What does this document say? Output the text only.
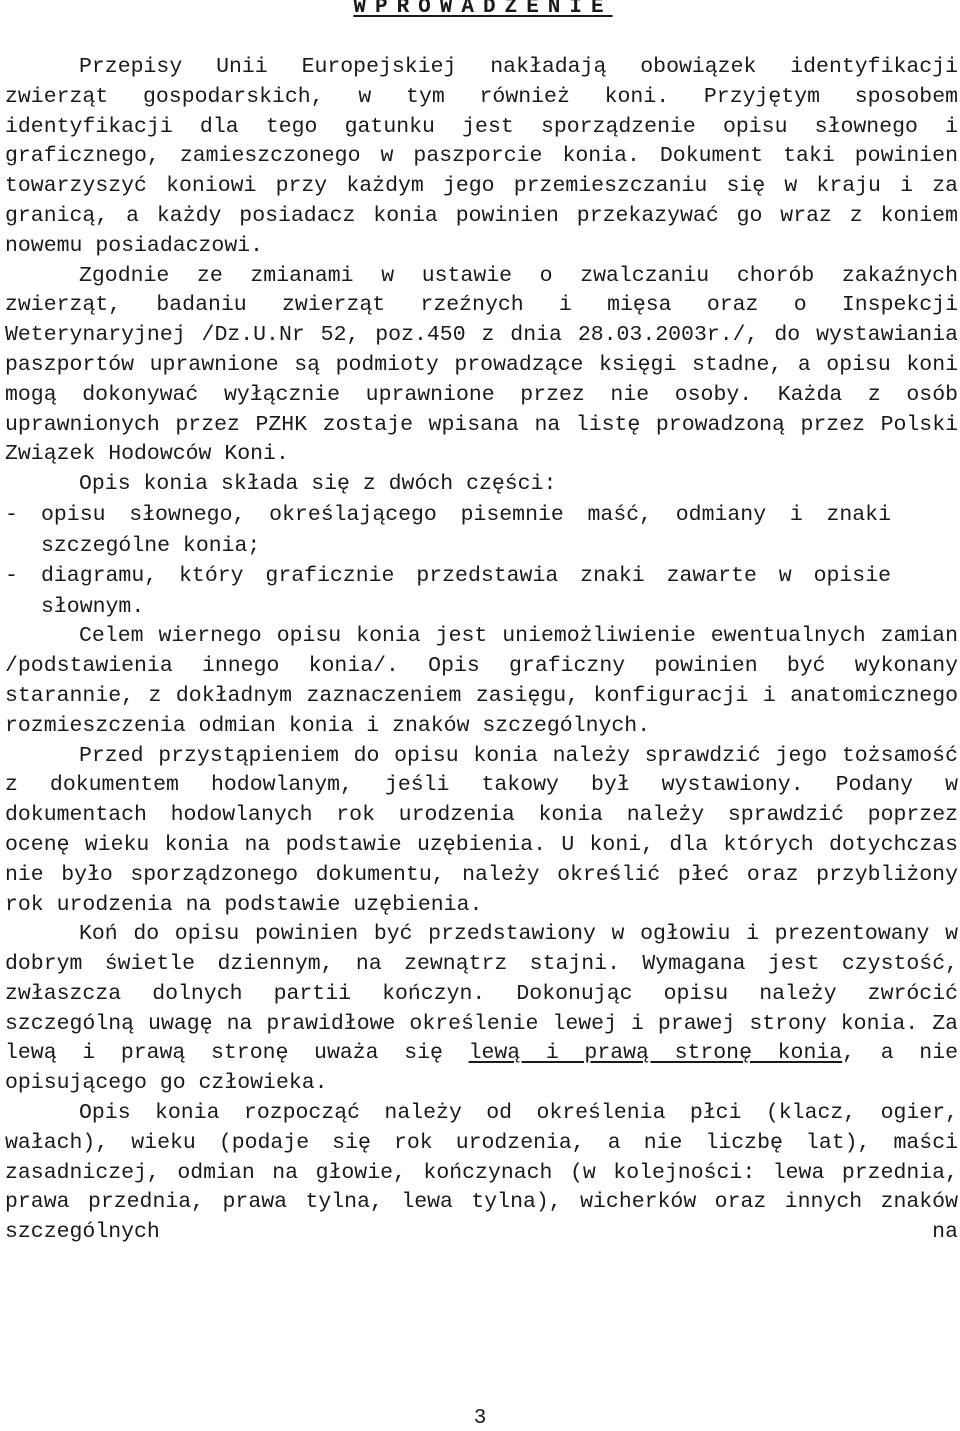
WPROWADZENIE

Przepisy Unii Europejskiej nakładają obowiązek identyfikacji zwierząt gospodarskich, w tym również koni. Przyjętym sposobem identyfikacji dla tego gatunku jest sporządzenie opisu słownego i graficznego, zamieszczonego w paszporcie konia. Dokument taki powinien towarzyszyć koniowi przy każdym jego przemieszczaniu się w kraju i za granicą, a każdy posiadacz konia powinien przekazywać go wraz z koniem nowemu posiadaczowi.

Zgodnie ze zmianami w ustawie o zwalczaniu chorób zakaźnych zwierząt, badaniu zwierząt rzeźnych i mięsa oraz o Inspekcji Weterynaryjnej /Dz.U.Nr 52, poz.450 z dnia 28.03.2003r./, do wystawiania paszportów uprawnione są podmioty prowadzące księgi stadne, a opisu koni mogą dokonywać wyłącznie uprawnione przez nie osoby. Każda z osób uprawnionych przez PZHK zostaje wpisana na listę prowadzoną przez Polski Związek Hodowców Koni.

Opis konia składa się z dwóch części:

- opisu słownego, określającego pisemnie maść, odmiany i znaki szczególne konia;
- diagramu, który graficznie przedstawia znaki zawarte w opisie słownym.

Celem wiernego opisu konia jest uniemożliwienie ewentualnych zamian /podstawienia innego konia/. Opis graficzny powinien być wykonany starannie, z dokładnym zaznaczeniem zasięgu, konfiguracji i anatomicznego rozmieszczenia odmian konia i znaków szczególnych.

Przed przystąpieniem do opisu konia należy sprawdzić jego tożsamość z dokumentem hodowlanym, jeśli takowy był wystawiony. Podany w dokumentach hodowlanych rok urodzenia konia należy sprawdzić poprzez ocenę wieku konia na podstawie uzębienia. U koni, dla których dotychczas nie było sporządzonego dokumentu, należy określić płeć oraz przybliżony rok urodzenia na podstawie uzębienia.

Koń do opisu powinien być przedstawiony w ogłowiu i prezentowany w dobrym świetle dziennym, na zewnątrz stajni. Wymagana jest czystość, zwłaszcza dolnych partii kończyn. Dokonując opisu należy zwrócić szczególną uwagę na prawidłowe określenie lewej i prawej strony konia. Za lewą i prawą stronę uważa się lewą i prawą stronę konia, a nie opisującego go człowieka.

Opis konia rozpocząć należy od określenia płci (klacz, ogier, wałach), wieku (podaje się rok urodzenia, a nie liczbę lat), maści zasadniczej, odmian na głowie, kończynach (w kolejności: lewa przednia, prawa przednia, prawa tylna, lewa tylna), wicherków oraz innych znaków szczególnych na

3
